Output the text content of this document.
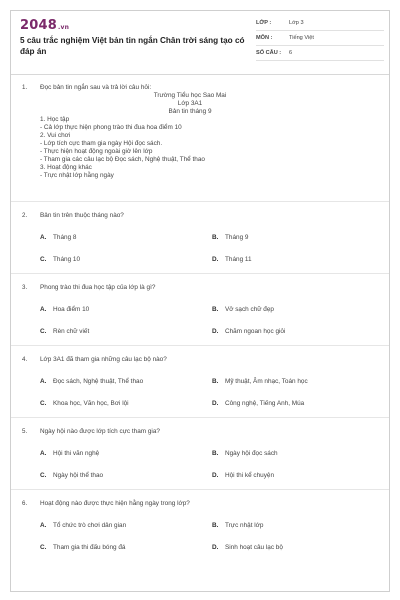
2048.vn
5 câu trắc nghiệm Việt bản tin ngắn Chân trời sáng tạo có đáp án
LỚP :	Lớp 3
MÔN :	Tiếng Việt
SỐ CÂU :	6
1. Đọc bản tin ngắn sau và trả lời câu hỏi:
Trường Tiểu học Sao Mai
Lớp 3A1
Bản tin tháng 9
1. Học tập
- Cả lớp thực hiện phong trào thi đua hoa điểm 10
2. Vui chơi
- Lớp tích cực tham gia ngày Hội đọc sách.
- Thực hiện hoạt động ngoài giờ lên lớp
- Tham gia các câu lạc bộ Đọc sách, Nghệ thuật, Thể thao
3. Hoạt động khác
- Trực nhật lớp hằng ngày
2. Bản tin trên thuộc tháng nào?
A. Tháng 8	B. Tháng 9
C. Tháng 10	D. Tháng 11
3. Phong trào thi đua học tập của lớp là gì?
A. Hoa điểm 10	B. Vở sạch chữ đẹp
C. Rèn chữ viết	D. Chăm ngoan học giỏi
4. Lớp 3A1 đã tham gia những câu lạc bộ nào?
A. Đọc sách, Nghệ thuật, Thể thao	B. Mỹ thuật, Âm nhạc, Toán học
C. Khoa học, Văn học, Bơi lội	D. Công nghệ, Tiếng Anh, Múa
5. Ngày hội nào được lớp tích cực tham gia?
A. Hội thi văn nghệ	B. Ngày hội đọc sách
C. Ngày hội thể thao	D. Hội thi kể chuyện
6. Hoạt động nào được thực hiện hằng ngày trong lớp?
A. Tổ chức trò chơi dân gian	B. Trực nhật lớp
C. Tham gia thi đấu bóng đá	D. Sinh hoạt câu lạc bộ
